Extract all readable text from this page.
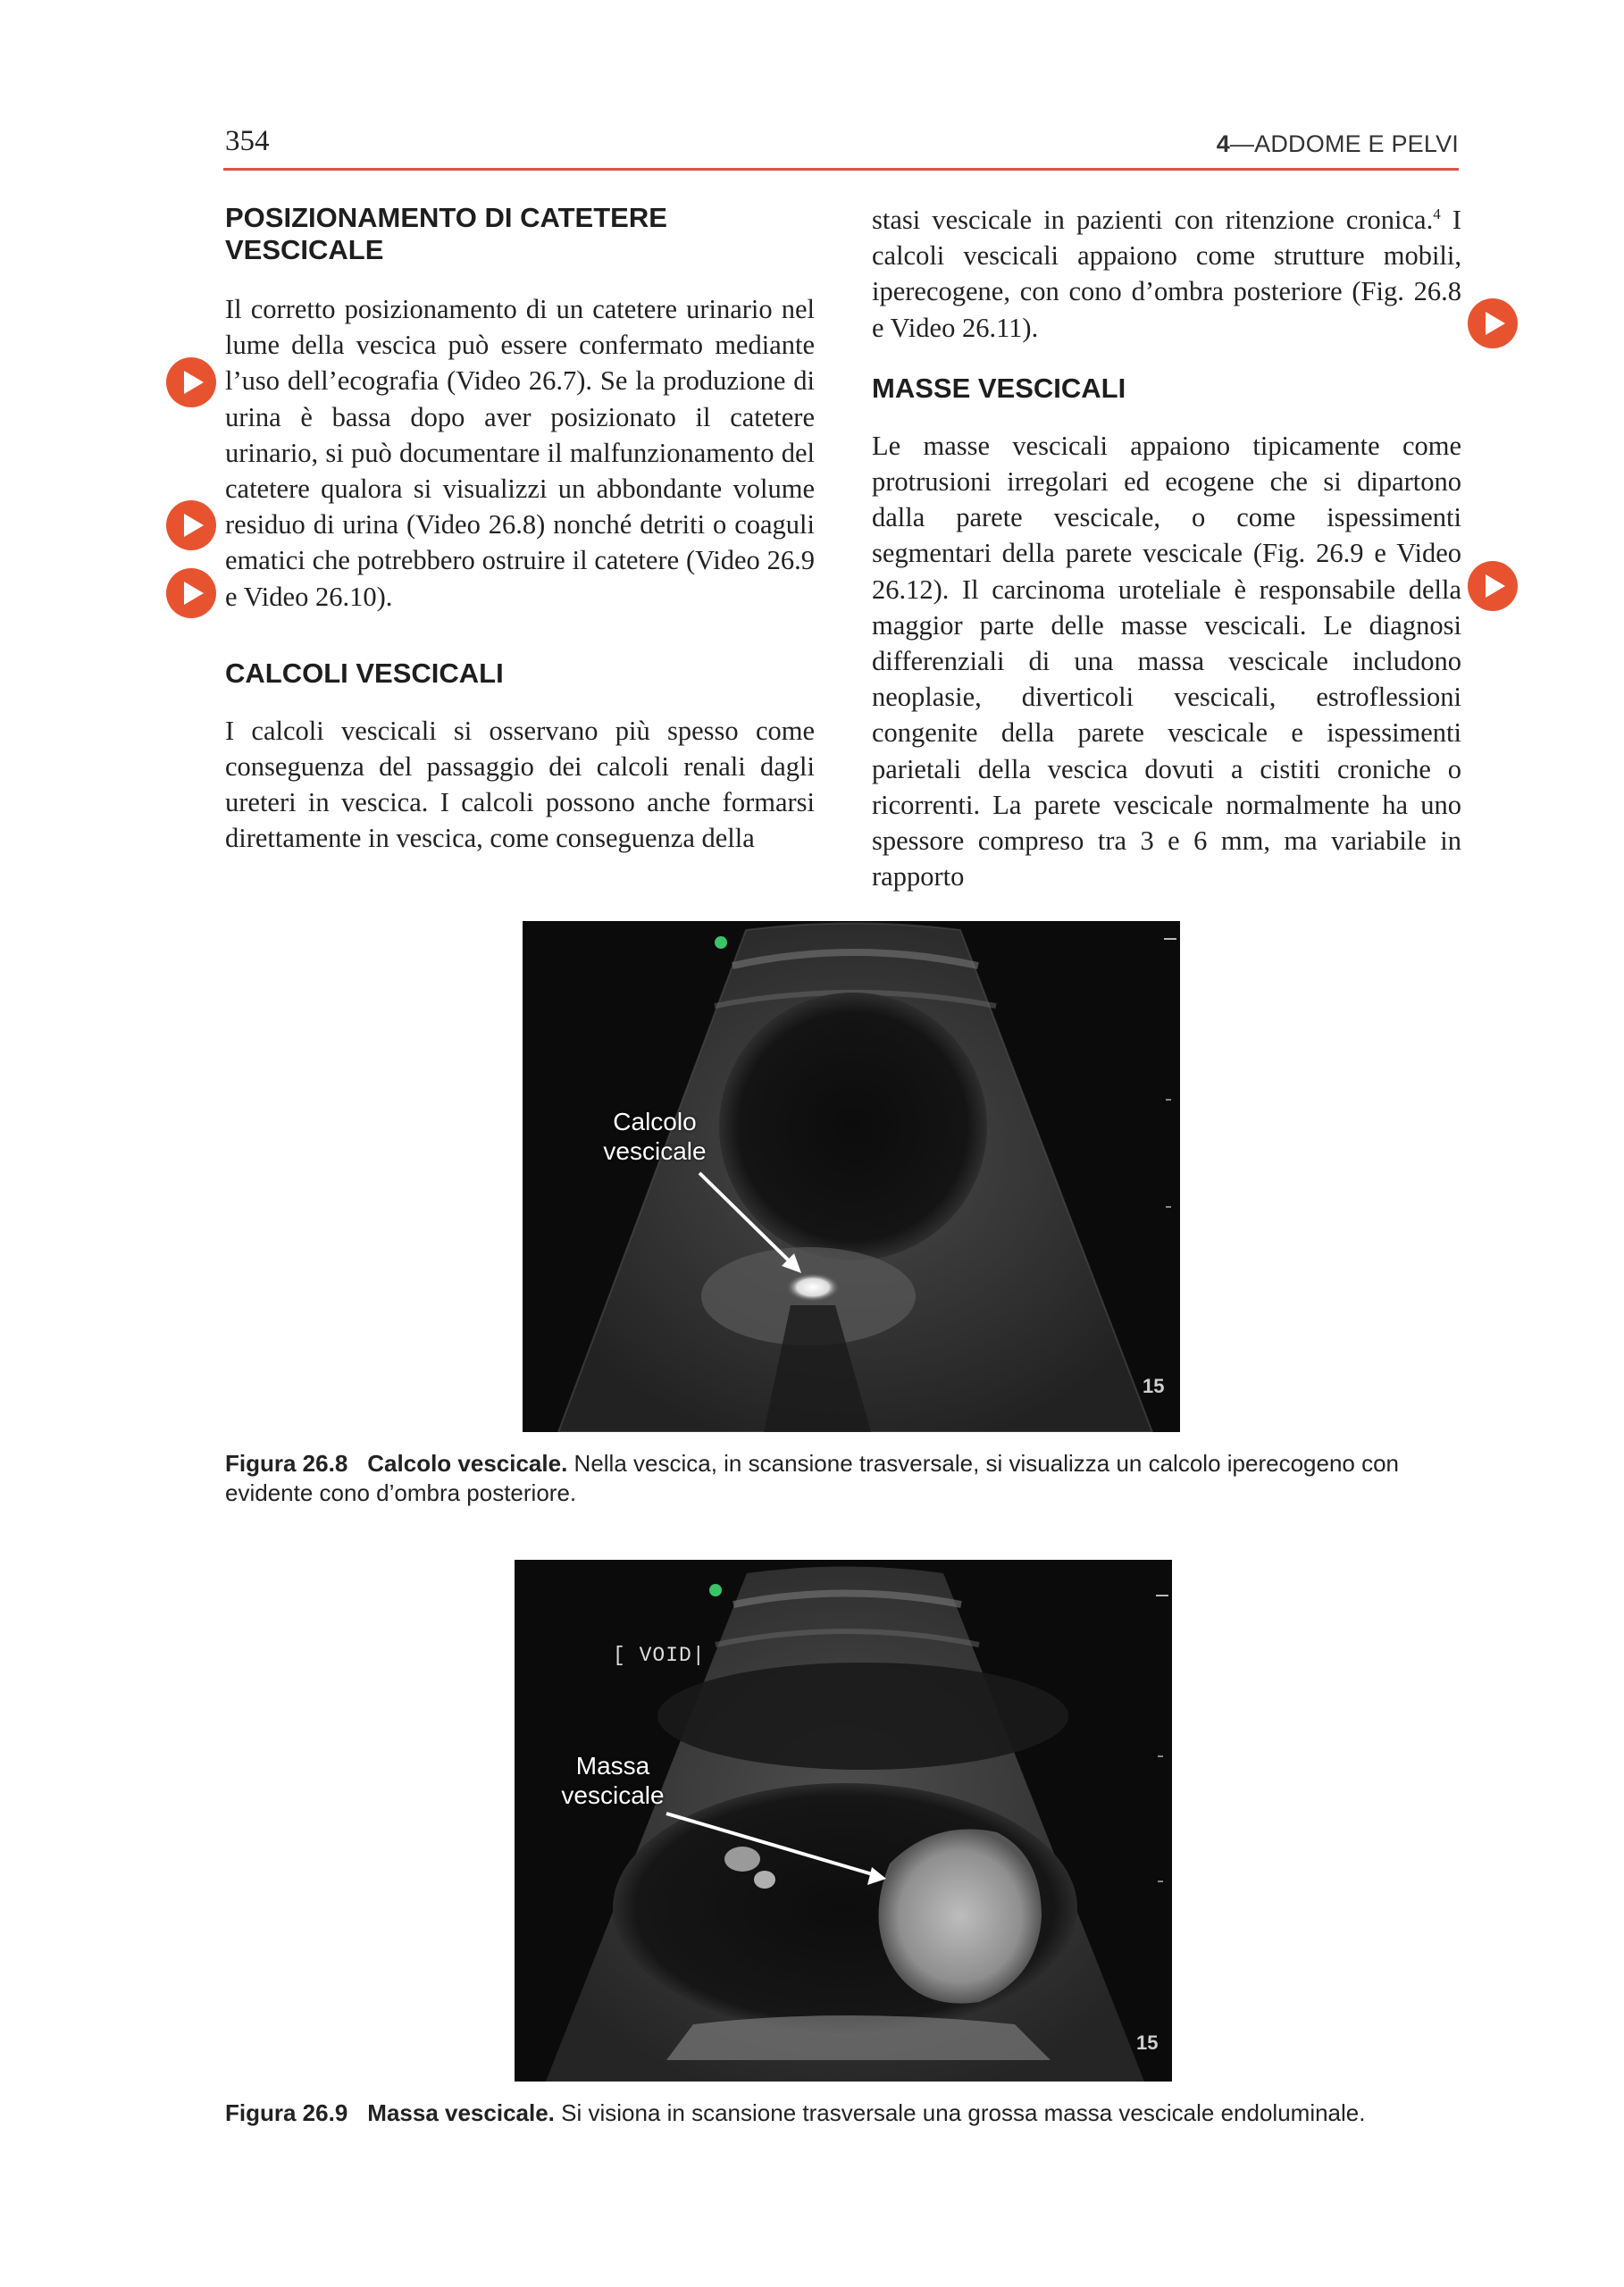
354	4—ADDOME E PELVI
POSIZIONAMENTO DI CATETERE VESCICALE

Il corretto posizionamento di un catetere urinario nel lume della vescica può essere confermato mediante l’uso dell’ecografia (Video 26.7). Se la produzione di urina è bassa dopo aver posizionato il catetere urinario, si può documentare il malfunzionamento del catetere qualora si visualizzi un abbondante volume residuo di urina (Video 26.8) nonché detriti o coaguli ematici che potrebbero ostruire il catetere (Video 26.9 e Video 26.10).

CALCOLI VESCICALI

I calcoli vescicali si osservano più spesso come conseguenza del passaggio dei calcoli renali dagli ureteri in vescica. I calcoli possono anche formarsi direttamente in vescica, come conseguenza della

stasi vescicale in pazienti con ritenzione cronica.$^4$ I calcoli vescicali appaiono come strutture mobili, iperecogene, con cono d’ombra posteriore (Fig. 26.8 e Video 26.11).

MASSE VESCICALI

Le masse vescicali appaiono tipicamente come protrusioni irregolari ed ecogene che si dipartono dalla parete vescicale, o come ispessimenti segmentari della parete vescicale (Fig. 26.9 e Video 26.12). Il carcinoma uroteliale è responsabile della maggior parte delle masse vescicali. Le diagnosi differenziali di una massa vescicale includono neoplasie, diverticoli vescicali, estroflessioni congenite della parete vescicale e ispessimenti parietali della vescica dovuti a cistiti croniche o ricorrenti. La parete vescicale normalmente ha uno spessore compreso tra 3 e 6 mm, ma variabile in rapporto

Calcolo
vescicale
15
Figura 26.8 Calcolo vescicale. Nella vescica, in scansione trasversale, si visualizza un calcolo iperecogeno con evidente cono d’ombra posteriore.
[ VOID|
Massa
vescicale
15
Figura 26.9 Massa vescicale. Si visiona in scansione trasversale una grossa massa vescicale endoluminale.
